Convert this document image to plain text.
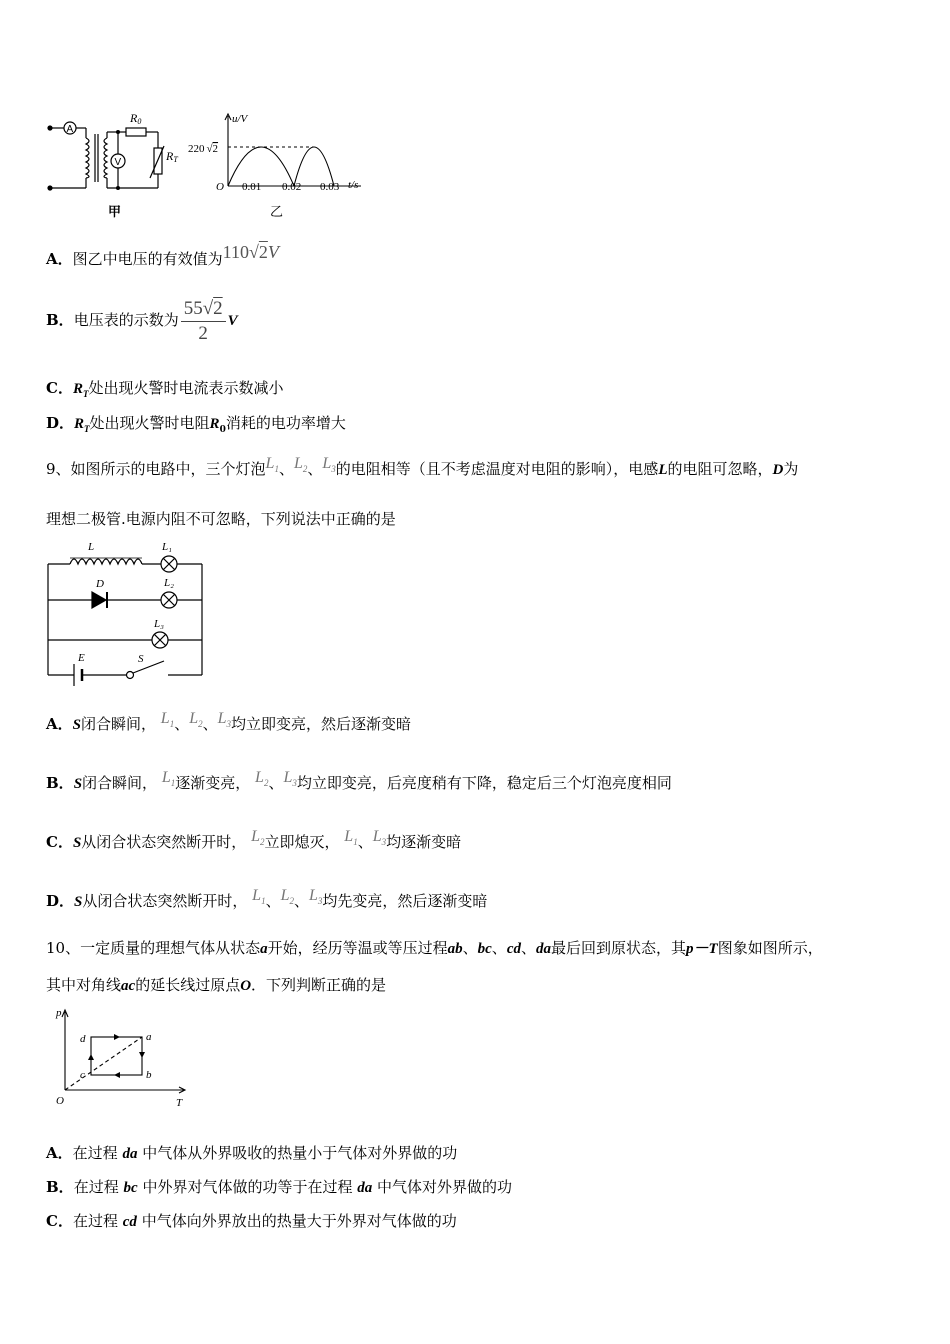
A
V
R0
RT
甲
u/V
t/s
220 √2
O 0.01 0.02 0.03
乙
A．图乙中电压的有效值为110√2V
B．电压表的示数为 $\frac{55√2}{2}$ V
C．$R_T$处出现火警时电流表示数减小
D．$R_T$处出现火警时电阻$R_0$消耗的电功率增大
9、如图所示的电路中，三个灯泡$L_1$、$L_2$、$L_3$的电阻相等（且不考虑温度对电阻的影响），电感L的电阻可忽略，D为
理想二极管.电源内阻不可忽略，下列说法中正确的是
L	L₁
D	L₂
L₃
E	S
A．S闭合瞬间， $L_1$、$L_2$、$L_3$均立即变亮，然后逐渐变暗
B．S闭合瞬间， $L_1$逐渐变亮， $L_2$、$L_3$均立即变亮，后亮度稍有下降，稳定后三个灯泡亮度相同
C．S从闭合状态突然断开时， $L_2$立即熄灭， $L_1$、$L_3$均逐渐变暗
D．S从闭合状态突然断开时， $L_1$、$L_2$、$L_3$均先变亮，然后逐渐变暗
10、一定质量的理想气体从状态a开始，经历等温或等压过程ab、bc、cd、da最后回到原状态，其p－T图象如图所示，
其中对角线ac的延长线过原点O．下列判断正确的是
p
T
O
a
b
c
d
A．在过程 da 中气体从外界吸收的热量小于气体对外界做的功
B．在过程 bc 中外界对气体做的功等于在过程 da 中气体对外界做的功
C．在过程 cd 中气体向外界放出的热量大于外界对气体做的功
